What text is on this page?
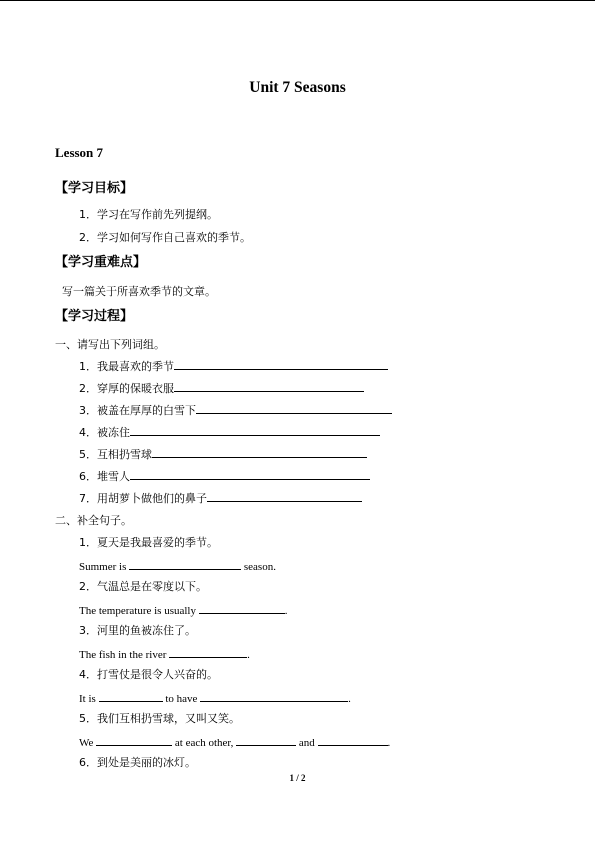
Unit 7 Seasons
Lesson 7
【学习目标】
1．学习在写作前先列提纲。
2．学习如何写作自己喜欢的季节。
【学习重难点】
写一篇关于所喜欢季节的文章。
【学习过程】
一、请写出下列词组。
1．我最喜欢的季节
2．穿厚的保暖衣服
3．被盖在厚厚的白雪下
4．被冻住
5．互相扔雪球
6．堆雪人
7．用胡萝卜做他们的鼻子
二、补全句子。
1．夏天是我最喜爱的季节。
Summer is	season.
2．气温总是在零度以下。
The temperature is usually	.
3．河里的鱼被冻住了。
The fish in the river	.
4．打雪仗是很令人兴奋的。
It is	to have	.
5．我们互相扔雪球，又叫又笑。
We	at each other,	and	.
6．到处是美丽的冰灯。
1 / 2
